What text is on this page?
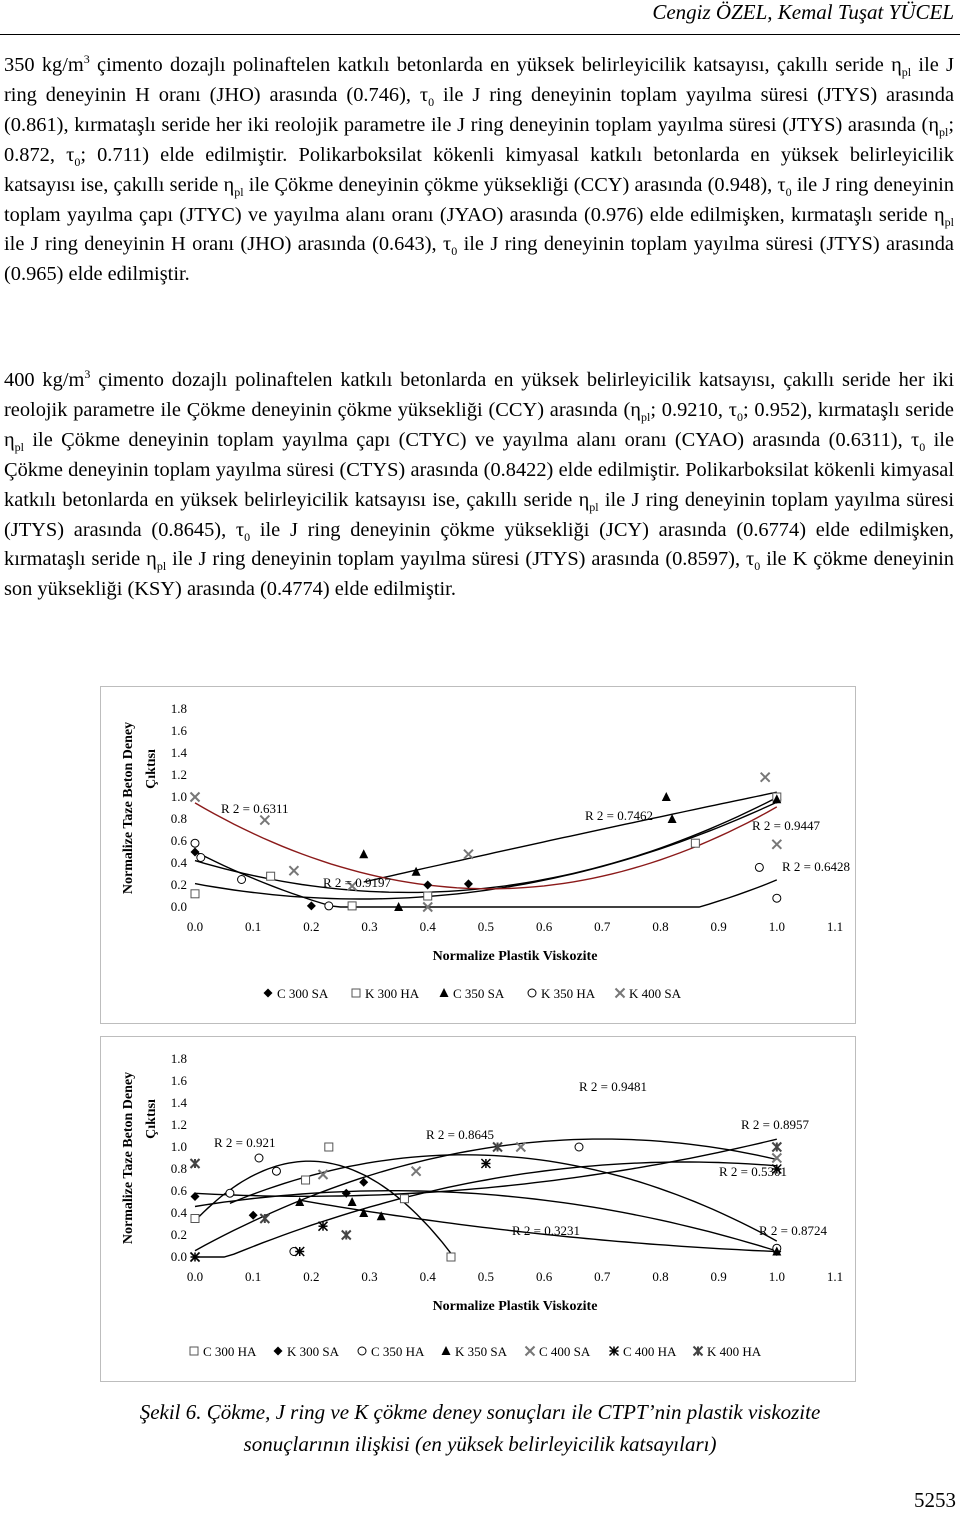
Cengiz ÖZEL, Kemal Tuşat YÜCEL

350 $kg/m^3$ çimento dozajlı polinaftelen katkılı betonlarda en yüksek belirleyicilik katsayısı, çakıllı seride $\eta_{pl}$ ile J ring deneyinin H oranı (JHO) arasında (0.746), $\tau_0$ ile J ring deneyinin toplam yayılma süresi (JTYS) arasında (0.861), kırmataşlı seride her iki reolojik parametre ile J ring deneyinin toplam yayılma süresi (JTYS) arasında ($\eta_{pl}$; 0.872, $\tau_0$; 0.711) elde edilmiştir. Polikarboksilat kökenli kimyasal katkılı betonlarda en yüksek belirleyicilik katsayısı ise, çakıllı seride $\eta_{pl}$ ile Çökme deneyinin çökme yüksekliği (CCY) arasında (0.948), $\tau_0$ ile J ring deneyinin toplam yayılma çapı (JTYC) ve yayılma alanı oranı (JYAO) arasında (0.976) elde edilmişken, kırmataşlı seride $\eta_{pl}$ ile J ring deneyinin H oranı (JHO) arasında (0.643), $\tau_0$ ile J ring deneyinin toplam yayılma süresi (JTYS) arasında (0.965) elde edilmiştir.

400 $kg/m^3$ çimento dozajlı polinaftelen katkılı betonlarda en yüksek belirleyicilik katsayısı, çakıllı seride her iki reolojik parametre ile Çökme deneyinin çökme yüksekliği (CCY) arasında ($\eta_{pl}$; 0.9210, $\tau_0$; 0.952), kırmataşlı seride $\eta_{pl}$ ile Çökme deneyinin toplam yayılma çapı (CTYC) ve yayılma alanı oranı (CYAO) arasında (0.6311), $\tau_0$ ile Çökme deneyinin toplam yayılma süresi (CTYS) arasında (0.8422) elde edilmiştir. Polikarboksilat kökenli kimyasal katkılı betonlarda en yüksek belirleyicilik katsayısı ise, çakıllı seride $\eta_{pl}$ ile J ring deneyinin toplam yayılma süresi (JTYS) arasında (0.8645), $\tau_0$ ile J ring deneyinin çökme yüksekliği (JCY) arasında (0.6774) elde edilmişken, kırmataşlı seride $\eta_{pl}$ ile J ring deneyinin toplam yayılma süresi (JTYS) arasında (0.8597), $\tau_0$ ile K çökme deneyinin son yüksekliği (KSY) arasında (0.4774) elde edilmiştir.

0.0
0.2
0.4
0.6
0.8
1.0
1.2
1.4
1.6
1.8
0.0	0.1	0.2	0.3	0.4	0.5	0.6	0.7	0.8	0.9	1.0	1.1
Normalize Plastik Viskozite
Normalize Taze Beton Deney Çıktısı
R 2 = 0.6311
R 2 = 0.9197
R 2 = 0.7462
R 2 = 0.9447
R 2 = 0.6428
C 300 SA	K 300 HA	C 350 SA	K 350 HA	K 400 SA
0.0
0.2
0.4
0.6
0.8
1.0
1.2
1.4
1.6
1.8
0.0	0.1	0.2	0.3	0.4	0.5	0.6	0.7	0.8	0.9	1.0	1.1
Normalize Plastik Viskozite
Normalize Taze Beton Deney Çıktısı
R 2 = 0.921
R 2 = 0.8645
R 2 = 0.9481
R 2 = 0.8957
R 2 = 0.5301
R 2 = 0.3231	R 2 = 0.8724
C 300 HA K 300 SA C 350 HA K 350 SA C 400 SA	C 400 HA K 400 HA
Şekil 6. Çökme, J ring ve K çökme deney sonuçları ile CTPT’nin plastik viskozite
sonuçlarının ilişkisi (en yüksek belirleyicilik katsayıları)
5253
